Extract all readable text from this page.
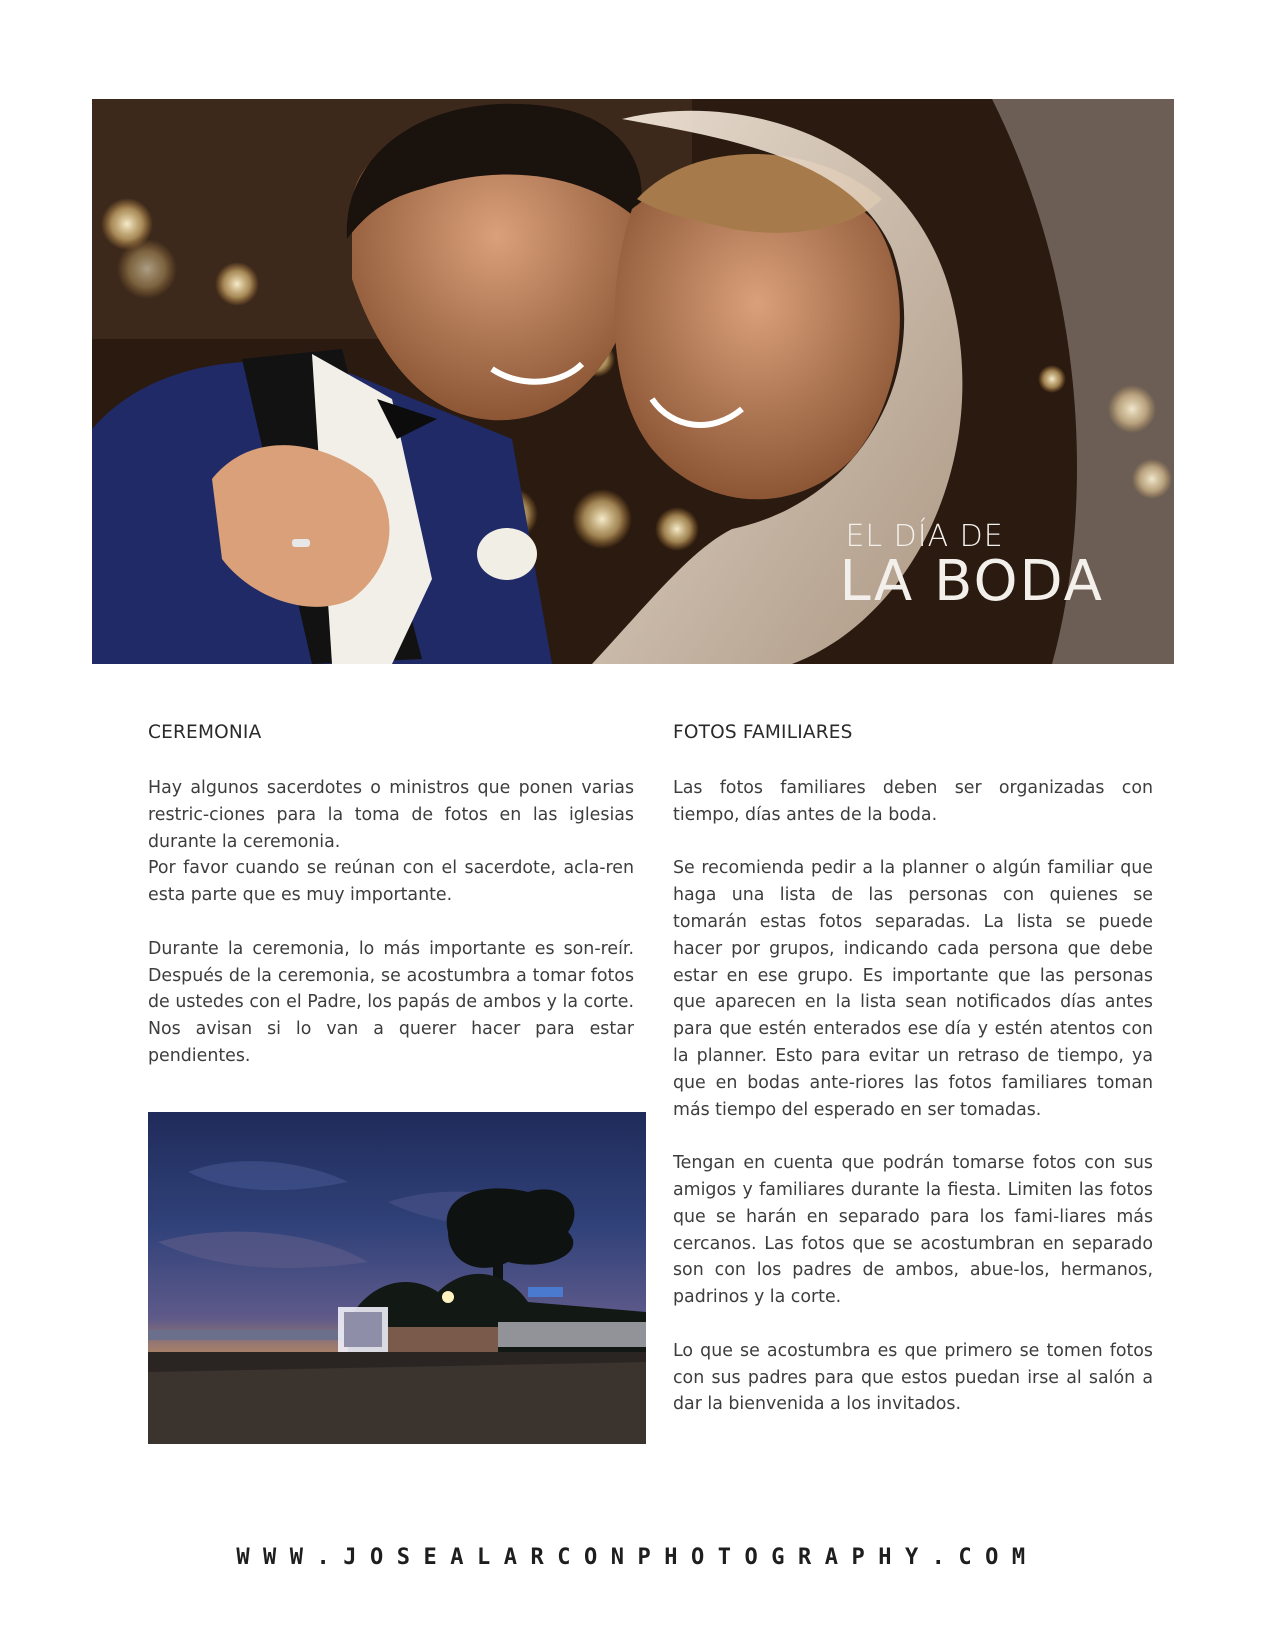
EL DÍA DE
LA BODA
CEREMONIA

Hay algunos sacerdotes o ministros que ponen varias restric-ciones para la toma de fotos en las iglesias durante la ceremonia.
Por favor cuando se reúnan con el sacerdote, acla-ren esta parte que es muy importante.

Durante la ceremonia, lo más importante es son-reír. Después de la ceremonia, se acostumbra a tomar fotos de ustedes con el Padre, los papás de ambos y la corte. Nos avisan si lo van a querer hacer para estar pendientes.

FOTOS FAMILIARES

Las fotos familiares deben ser organizadas con tiempo, días antes de la boda.

Se recomienda pedir a la planner o algún familiar que haga una lista de las personas con quienes se tomarán estas fotos separadas. La lista se puede hacer por grupos, indicando cada persona que debe estar en ese grupo. Es importante que las personas que aparecen en la lista sean notificados días antes para que estén enterados ese día y estén atentos con la planner. Esto para evitar un retraso de tiempo, ya que en bodas ante-riores las fotos familiares toman más tiempo del esperado en ser tomadas.

Tengan en cuenta que podrán tomarse fotos con sus amigos y familiares durante la fiesta. Limiten las fotos que se harán en separado para los fami-liares más cercanos. Las fotos que se acostumbran en separado son con los padres de ambos, abue-los, hermanos, padrinos y la corte.

Lo que se acostumbra es que primero se tomen fotos con sus padres para que estos puedan irse al salón a dar la bienvenida a los invitados.

WWW.JOSEALARCONPHOTOGRAPHY.COM
